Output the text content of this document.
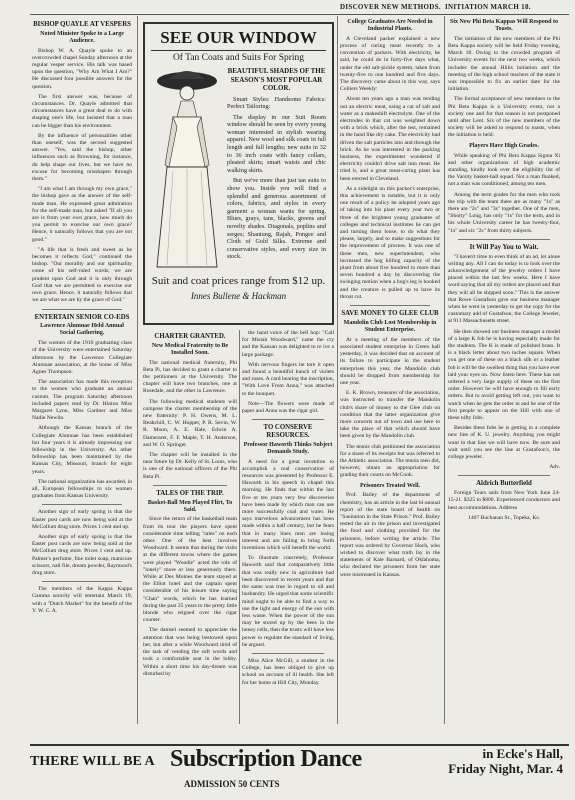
DISCOVER NEW METHODS. INITIATION MARCH 18.
BISHOP QUAYLE AT VESPERS
Noted Minister Spoke to a Large Audience.

Bishop W. A. Quayle spoke to an overcrowded chapel Sunday afternoon at the regular vesper service. His talk was based upon the question, "Why Am What I Am?" He discussed four possible answers for the question.

The first answer was, because of circumstances. Dr. Quayle admitted that circumstances have a great deal to do with shaping one's life, but insisted that a man can be bigger than his environment.

By the influence of personalities other than oneself, was the second suggested answer. "Yes, said the bishop, other influences such as Browning, for instance, do help shape our lives, but we have no excuse for becoming misshapen through them."

"I am what I am through my own grace," the bishop gave as the answer of the self-made man. He expressed great admiration for the self-made man, but asked "If all you are is from your own grace, how much do you permit to exercise our own grace? Hence, it naturally follows that you are not good."

"A life that is fresh and sweet as he becomes it reflects God," continued the bishop. "Our morality and our spirituality come of his self-ruled words; we are prudent upon God and it is only through God that we are permitted to exercise our own grace. Hence, it naturally follows that we are what we are by the grace of God."

ENTERTAIN SENIOR CO-EDS
Lawrence Alumnae Held Annual Social Gathering.

The women of the 1910 graduating class of the University were entertained Saturday afternoon by the Lawrence Collegiate Alumnae association, at the home of Miss Agnes Thompson.

The association has made this reception to the women who graduate an annual custom. The program Saturday afternoon included papers read by Dr. Hinton Miss Margaret Lynn, Miss Gardner and Miss Nadie Newlin.

Although the Kansas branch of the Collegiate Alumnae has been established but four years it is already impressing our fellowship in the University. An other fellowship has been maintained by the Kansas City, Missouri, branch for eight years.

The national organization has awarded, in all, European fellowships to six women graduates from Kansas University.

Another sign of early spring is that the Easter post cards are now being sold at the McCollum drug store. Prices 1 cent and up.

Another sign of early spring is that the Easter post cards are now being sold at the McCollum drug store. Prices 1 cent and up. Palmer's perfume, fine toilet soap, manicure scissors, nail file, dream powder, Raymond's drug store.

The members of the Kappa Kappa Gamma sorority will entertain March 19, with a "Dutch Market" for the benefit of the Y. W. C. A.

SEE OUR WINDOW
Of Tan Coats and Suits For Spring
BEAUTIFUL SHADES OF THE SEASON'S MOST POPULAR COLOR.

Smart Styles: Handsome Fabrics: Perfect Tailoring:

The display in our Suit Room window should be seen by every young woman interested in stylish wearing apparel. New wool and silk coats in full length and full lengths; new suits in 32 to 36 inch coats with fancy collars, pleated skirts; smart waists and chic walking skirts.

But we've more than just tan suits to show you. Inside you will find a splendid and generous assortment of colors, fabrics, and styles in every garment a woman wants for spring. Blues, grays, tans, blacks, greens and novelty shades. Diagonals, poplins and serges; Shantung, Rajah, Pongee and Cloth of Gold Silks. Extreme and conservative styles, and every size in stock.

Suit and coat prices range from $12 up.
Innes Bullene & Hackman
CHARTER GRANTED.
New Medical Fraternity to Be Installed Soon.

The national medical fraternity, Phi Beta Pi, has decided to grant a charter to the petitioners at the University. The chapter will have two branches, one at Rosedale, and the other in Lawrence.

The following medical students will compose the charter membership of the new fraternity: P. H. Owens, M. L. Beakchill, C. W. Hopper, P. R. Sevin, W. R. Moon, A. E. Hale, Edwin A. Damerarer, F. F. Maple, T. H. Anderson, and W. O. Springer.

The chapter will be installed in the near future by Dr. Kelly of St. Louis, who is one of the national officers of the Phi Beta Pi.

TALES OF THE TRIP.
Basket-Ball Men Played Flirt, To Said.

Since the return of the basketball team from its tour the players have spent considerable time telling "tales" on each other. One of the best involves Woodward. It seems that during the visits at the different towns where the games were played "Woodie" acted the role of "lonely" more or less generously there. While at Des Moines the team stayed at the Elliot hotel and the captain spent considerable of his leisure time saying "Chan" words, which he has learned during the past 25 years to the pretty little blonde who reigned over the cigar counter.

The damsel seemed to appreciate the attention that was being bestowed upon her, but after a while Woodward tired of the task of vending the soft words and took a comfortable seat in the lobby. Within a short time his day-dream was disturbed by

the hand voice of the bell hop: "Call for Mistah Woodward," came the cry and the Kansan was delighted to re ive a large package.

With nervous fingers he tore it open and found a beautiful bunch of violets and roses. A card bearing the inscription, "With Love From Anna," was attached to the bouquet.

Note—The flowers were made of paper and Anna was the cigar girl.

TO CONSERVE RESOURCES.
Professor Haworth Thinks Subject Demands Study.

A need for a great invention to accomplish a real conservation of resources was presented by Professor E. Haworth in his speech in chapel this morning. He finds that within the last five or ten years very few discoveries have been made by which man can use more successfully coal and water. He says marvelous advancement has been made within a half century, but he fears that in many lines men are losing interest and are failing to bring forth inventions which will benefit the world.

To illustrate concretely, Professor Haworth said that comparatively little that was really new in agriculture had been discovered in recent years and that the same was true in regard to oil and husbandry. He urged that some scientific mind ought to be able to find a way to use the light and energy of the sun with less waste. When the power of the sun may be stored up by the bees in the honey cells, then the trusts will have less power to regulate the standard of living, he argued.

Miss Alice McGill, a student in the College, has been obliged to give up school on account of ill health. She left for her home at Hill City, Monday.

College Graduates Are Needed in Industrial Plants.

A Cleveland packer explained a new process of curing meat recently to a convention of packers. With electricity, he said, he could do in forty-five days what, under the old salt-pickle system, taken from twenty-five to one hundred and five days. The discovery came about in this way, says Colliers Weekly:

About ten years ago a man was tending out an electric meat, using a cat of salt and water as a makeshift electrolyte. One of the electrodes in that cat was weighted down with a brick which, after the test, remained in the hand like dry cake. The electricity had driven the salt particles into and through the brick. As he was interested in the packing business, the experimenter wondered if electricity couldn't drive salt into meat. He tried it, and a great meat-curing plant has been erected in Cleveland.

As a sidelight on this packer's enterprise, this achievement is notable, but it is only one result of a policy he adopted years ago of taking into his plant every year two or three of the brightest young graduates of colleges and technical institutes he can get and turning them loose, to do what they please, largely, and to make suggestions for the improvement of process. It was one of these men, new superintendent, who increased the hog killing capacity of the plant from about five hundred to more than seven hundred a day by discovering the swinging motion when a hog's leg is hooked and the creature is pulled up to have its throat cut.

SAVE MONEY TO GLEE CLUB
Mandolin Club Lost Membership in Student Enterprise.

At a meeting of the members of the associated student enterprise in Green hall yesterday, it was decided that on account of its failure to participate in the student enterprises this year, the Mandolin club should be dropped from membership for one year.

E. K. Brown, treasurer of the association, was instructed to transfer the Mandolin club's share of money to the Glee club on condition that the latter organization give more concerts out of town and use here to take the place of that which should have been given by the Mandolin club.

The tennis club petitioned the association for a share of its receipts but was referred to the Athletic association. The tennis men did, however, obtain an appropriation for grading their courts on McCook.

Prisoners Treated Well.

Prof. Bailey of the department of chemistry, has an article in the last bi-annual report of the state board of health on "Sanitation in the State Prison." Prof. Bailey tested the air in the prison and investigated the food and clothing provided for the prisoners, before writing the article. The report was ordered by Governor Hoch, who wished to discover what truth lay in the statements of Kate Barnard, of Oklahoma, who declared the prisoners from her state were mistreated in Kansas.

Six New Phi Beta Kappas Will Respond to Toasts.

The initiation of the new members of the Phi Beta Kappa society will be held Friday evening, March 18. Owing to the crowded program of University events for the next two weeks, which includes the annual Hillis initiation and the meeting of the high school teachers of the state it was impossible to fix an earlier date for the initiation.

The formal acceptance of new members to the Phi Beta Kappa is a University event, not a society one and for that reason is not postponed until after Lent. Six of the new members of the society will be asked to respond to toasts, when the initiation is held.

Players Have High Grades.

While speaking of Phi Beta Kappa Sigma Xi and other organizations of high academic standing, kindly look over the eligibility list of the Varsity basket-ball squad. Not a man flunked, not a man was conditioned, among ten men.

Among the term grades for the men who took the trip with the team there are as many "1s" as there are "2s" and "3s" together. One of the men, "Shorty" Long, has only "1s" for the term, and in his whole University career he has twenty-four, "1s" and six "2s" from thirty subjects.

It Will Pay You to Wait.

"I haven't time to even think of an ad, let alone writing any. All I can do today is to look over the acknowledgement of the jewelry orders I have placed within the last few weeks. Here I have word saying that all my orders are placed and that they will all be shipped soon." This is the answer that Rowe Gustafson gave our business manager when he went in yesterday to get the copy for the customary add of Gustafson, the College Jeweler, at 911 Massachusetts street.

He then showed our business manager a model of a large K fob he is having especially made for the students. The K is made of polished brass. It is a black letter about two inches square. When you get one of these on a black silk or a leather fob it will be the swellest thing that you have ever laid your eyes on. Now listen here. These has not ordered a very large supply of these on the first order. However he will have enough to fill early orders. But to avoid getting left out, you want to watch when he gets the order in and be one of the first people to appear on the Hill with one of these nifty fobs.

Besides these fobs he is getting in a complete new line of K. U. jewelry. Anything you might want in that line we will have now. Be sure and wait until you see the line at Gustafson's, the college jeweler.

Adv.

Aldrich Butterfield

Foreign Tours sails from New York June 24-15-21. $325 to $800. Experienced conductors and best accommodations. Address

1407 Buchanan St., Topeka, Ks.

THERE WILL BE A Subscription Dance
ADMISSION 50 CENTS
in Ecke's Hall,
Friday Night, Mar. 4
